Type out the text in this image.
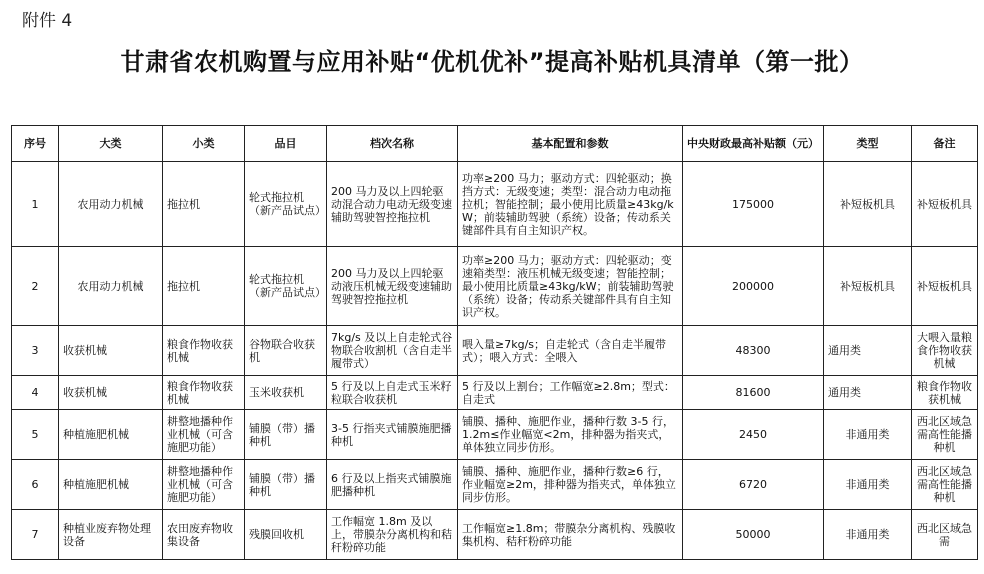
附件 4
甘肃省农机购置与应用补贴“优机优补”提高补贴机具清单（第一批）
序号	大类	小类	品目	档次名称	基本配置和参数	中央财政最高补贴额（元）	类型	备注
1	农用动力机械	拖拉机	轮式拖拉机（新产品试点）	200 马力及以上四轮驱动混合动力电动无级变速辅助驾驶智控拖拉机	功率≥200 马力；驱动方式：四轮驱动；换挡方式：无级变速；类型：混合动力电动拖拉机；智能控制；最小使用比质量≥43kg/kW；前装辅助驾驶（系统）设备；传动系关键部件具有自主知识产权。	175000	补短板机具	补短板机具
2	农用动力机械	拖拉机	轮式拖拉机（新产品试点）	200 马力及以上四轮驱动液压机械无级变速辅助驾驶智控拖拉机	功率≥200 马力；驱动方式：四轮驱动；变速箱类型：液压机械无级变速；智能控制；最小使用比质量≥43kg/kW；前装辅助驾驶（系统）设备；传动系关键部件具有自主知识产权。	200000	补短板机具	补短板机具
3	收获机械	粮食作物收获机械	谷物联合收获机	7kg/s 及以上自走轮式谷物联合收割机（含自走半履带式）	喂入量≥7kg/s；自走轮式（含自走半履带式）；喂入方式：全喂入	48300	通用类	大喂入量粮食作物收获机械
4	收获机械	粮食作物收获机械	玉米收获机	5 行及以上自走式玉米籽粒联合收获机	5 行及以上割台；工作幅宽≥2.8m；型式：自走式	81600	通用类	粮食作物收获机械
5	种植施肥机械	耕整地播种作业机械（可含施肥功能）	铺膜（带）播种机	3-5 行指夹式铺膜施肥播种机	铺膜、播种、施肥作业，播种行数 3-5 行，1.2m≤作业幅宽<2m，排种器为指夹式，单体独立同步仿形。	2450	非通用类	西北区域急需高性能播种机
6	种植施肥机械	耕整地播种作业机械（可含施肥功能）	铺膜（带）播种机	6 行及以上指夹式铺膜施肥播种机	铺膜、播种、施肥作业，播种行数≥6 行，作业幅宽≥2m，排种器为指夹式，单体独立同步仿形。	6720	非通用类	西北区域急需高性能播种机
7	种植业废弃物处理设备	农田废弃物收集设备	残膜回收机	工作幅宽 1.8m 及以上，带膜杂分离机构和秸秆粉碎功能	工作幅宽≥1.8m；带膜杂分离机构、残膜收集机构、秸秆粉碎功能	50000	非通用类	西北区域急需
